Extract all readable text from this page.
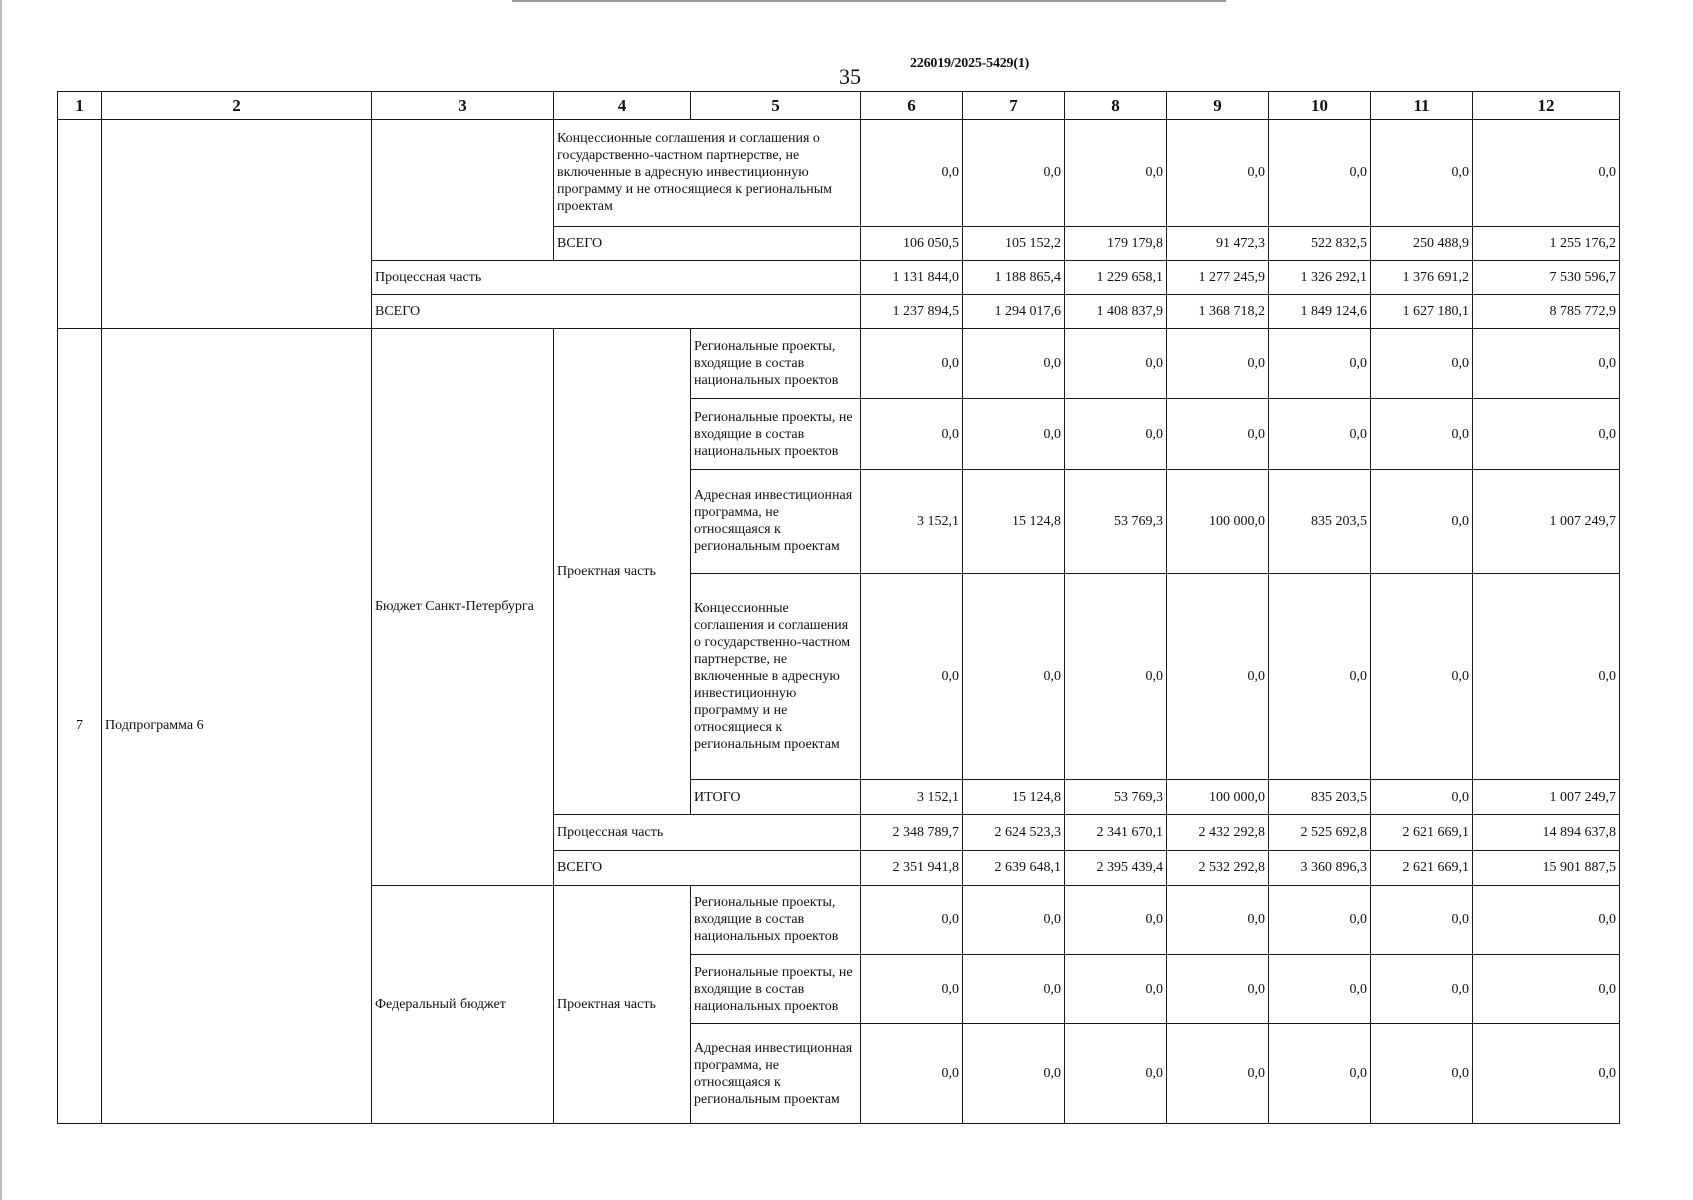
35
226019/2025-5429(1)
1	2	3	4	5	6	7	8	9	10	11	12
			Концессионные соглашения и соглашения о государственно-частном партнерстве, не включенные в адресную инвестиционную программу и не относящиеся к региональным проектам		0,0	0,0	0,0	0,0	0,0	0,0	0,0
			ВСЕГО		106 050,5	105 152,2	179 179,8	91 472,3	522 832,5	250 488,9	1 255 176,2
		Процессная часть			1 131 844,0	1 188 865,4	1 229 658,1	1 277 245,9	1 326 292,1	1 376 691,2	7 530 596,7
		ВСЕГО			1 237 894,5	1 294 017,6	1 408 837,9	1 368 718,2	1 849 124,6	1 627 180,1	8 785 772,9
7	Подпрограмма 6	Бюджет Санкт-Петербурга	Проектная часть	Региональные проекты, входящие в состав национальных проектов	0,0	0,0	0,0	0,0	0,0	0,0	0,0
				Региональные проекты, не входящие в состав национальных проектов	0,0	0,0	0,0	0,0	0,0	0,0	0,0
				Адресная инвестиционная программа, не относящаяся к региональным проектам	3 152,1	15 124,8	53 769,3	100 000,0	835 203,5	0,0	1 007 249,7
				Концессионные соглашения и соглашения о государственно-частном партнерстве, не включенные в адресную инвестиционную программу и не относящиеся к региональным проектам	0,0	0,0	0,0	0,0	0,0	0,0	0,0
				ИТОГО	3 152,1	15 124,8	53 769,3	100 000,0	835 203,5	0,0	1 007 249,7
			Процессная часть		2 348 789,7	2 624 523,3	2 341 670,1	2 432 292,8	2 525 692,8	2 621 669,1	14 894 637,8
			ВСЕГО		2 351 941,8	2 639 648,1	2 395 439,4	2 532 292,8	3 360 896,3	2 621 669,1	15 901 887,5
		Федеральный бюджет	Проектная часть	Региональные проекты, входящие в состав национальных проектов	0,0	0,0	0,0	0,0	0,0	0,0	0,0
				Региональные проекты, не входящие в состав национальных проектов	0,0	0,0	0,0	0,0	0,0	0,0	0,0
				Адресная инвестиционная программа, не относящаяся к региональным проектам	0,0	0,0	0,0	0,0	0,0	0,0	0,0
